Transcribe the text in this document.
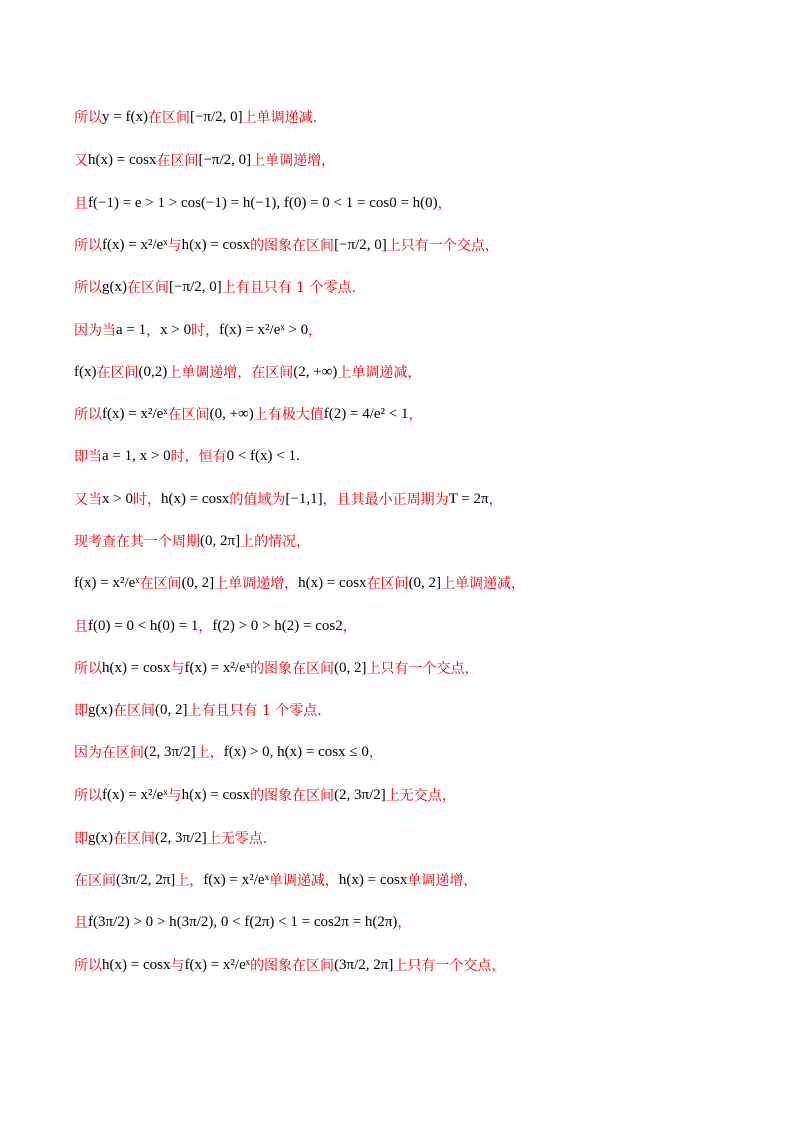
所以 y = f(x) 在区间 [−π/2, 0] 上单调递减.
又 h(x) = cosx 在区间 [−π/2, 0] 上单调递增，
且 f(−1) = e > 1 > cos(−1) = h(−1), f(0) = 0 < 1 = cos0 = h(0) ，
所以 f(x) = x²/eˣ 与 h(x) = cosx 的图象在区间 [−π/2, 0] 上只有一个交点，
所以 g(x) 在区间 [−π/2, 0] 上有且只有 1 个零点.
因为当 a = 1 ， x > 0 时， f(x) = x²/eˣ > 0 ，
f(x) 在区间 (0,2) 上单调递增，在区间 (2, +∞) 上单调递减，
所以 f(x) = x²/eˣ 在区间 (0, +∞) 上有极大值 f(2) = 4/e² < 1 ，
即当 a = 1, x > 0 时，恒有 0 < f(x) < 1 .
又当 x > 0 时， h(x) = cosx 的值域为 [−1,1] ，且其最小正周期为 T = 2π ，
现考查在其一个周期 (0, 2π] 上的情况，
f(x) = x²/eˣ 在区间 (0, 2] 上单调递增， h(x) = cosx 在区间 (0, 2] 上单调递减，
且 f(0) = 0 < h(0) = 1 ， f(2) > 0 > h(2) = cos2 ，
所以 h(x) = cosx 与 f(x) = x²/eˣ 的图象在区间 (0, 2] 上只有一个交点，
即 g(x) 在区间 (0, 2] 上有且只有 1 个零点.
因为在区间 (2, 3π/2] 上， f(x) > 0, h(x) = cosx ≤ 0 ，
所以 f(x) = x²/eˣ 与 h(x) = cosx 的图象在区间 (2, 3π/2] 上无交点，
即 g(x) 在区间 (2, 3π/2] 上无零点.
在区间 (3π/2, 2π] 上， f(x) = x²/eˣ 单调递减， h(x) = cosx 单调递增，
且 f(3π/2) > 0 > h(3π/2), 0 < f(2π) < 1 = cos2π = h(2π) ，
所以 h(x) = cosx 与 f(x) = x²/eˣ 的图象在区间 (3π/2, 2π] 上只有一个交点，
